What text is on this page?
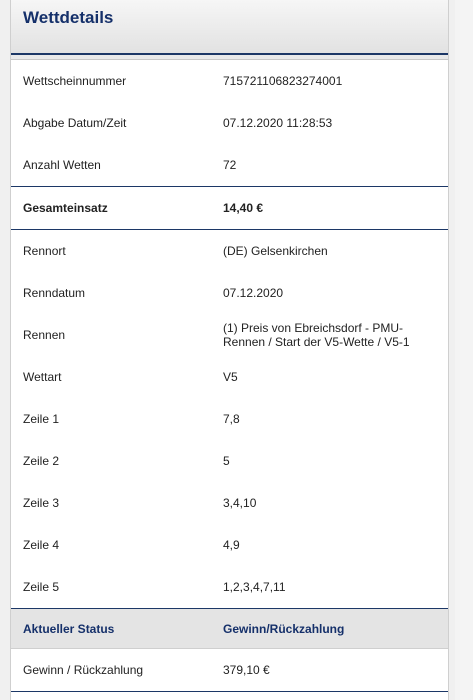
Wettdetails
Wettscheinnummer	715721106823274001
Abgabe Datum/Zeit	07.12.2020 11:28:53
Anzahl Wetten	72
Gesamteinsatz	14,40 €
Rennort	(DE) Gelsenkirchen
Renndatum	07.12.2020
Rennen	(1) Preis von Ebreichsdorf - PMU-Rennen / Start der V5-Wette / V5-1
Wettart	V5
Zeile 1	7,8
Zeile 2	5
Zeile 3	3,4,10
Zeile 4	4,9
Zeile 5	1,2,3,4,7,11
Aktueller Status	Gewinn/Rückzahlung
Gewinn / Rückzahlung	379,10 €
